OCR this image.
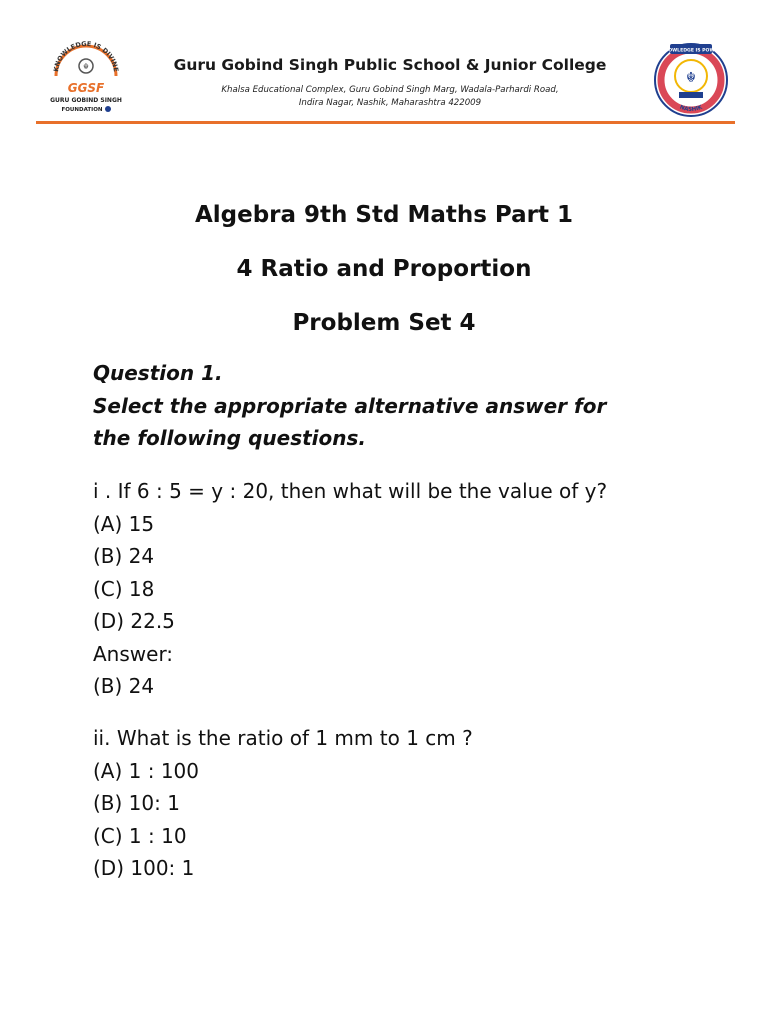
KNOWLEDGE IS DIVINE
☬
GGSF
GURU GOBIND SINGH
FOUNDATION
Guru Gobind Singh Public School & Junior College
Khalsa Educational Complex, Guru Gobind Singh Marg, Wadala-Parhardi Road,
Indira Nagar, Nashik, Maharashtra 422009
KNOWLEDGE IS POWER
☬
NASHIK
Algebra 9th Std Maths Part 1
4 Ratio and Proportion
Problem Set 4
Question 1.
Select the appropriate alternative answer for
the following questions.
i . If 6 : 5 = y : 20, then what will be the value of y?
(A) 15
(B) 24
(C) 18
(D) 22.5
Answer:
(B) 24
ii. What is the ratio of 1 mm to 1 cm ?
(A) 1 : 100
(B) 10: 1
(C) 1 : 10
(D) 100: 1
